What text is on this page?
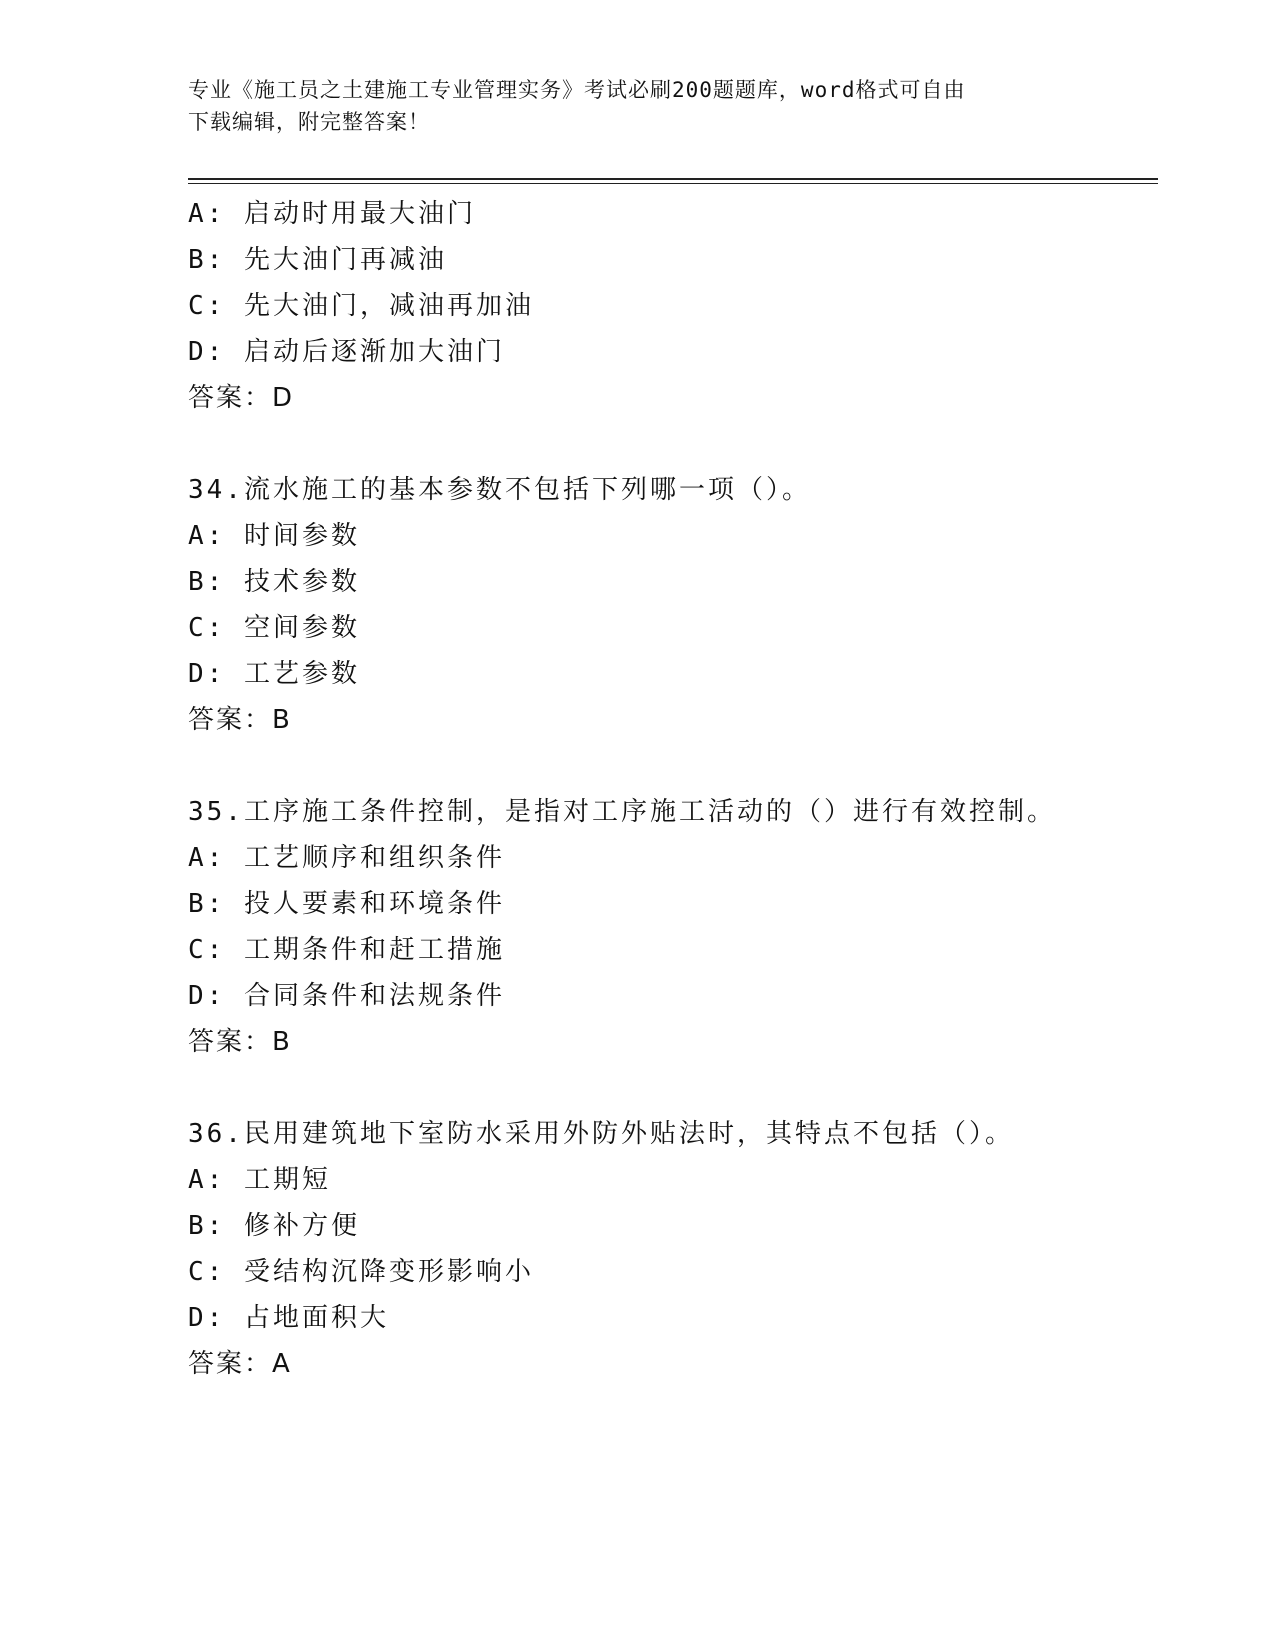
专业《施工员之土建施工专业管理实务》考试必刷200题题库，word格式可自由
下载编辑，附完整答案！
A: 启动时用最大油门
B: 先大油门再减油
C: 先大油门，减油再加油
D: 启动后逐渐加大油门
答案：D
34.流水施工的基本参数不包括下列哪一项（）。
A: 时间参数
B: 技术参数
C: 空间参数
D: 工艺参数
答案：B
35.工序施工条件控制，是指对工序施工活动的（）进行有效控制。
A: 工艺顺序和组织条件
B: 投人要素和环境条件
C: 工期条件和赶工措施
D: 合同条件和法规条件
答案：B
36.民用建筑地下室防水采用外防外贴法时，其特点不包括（）。
A: 工期短
B: 修补方便
C: 受结构沉降变形影响小
D: 占地面积大
答案：A
